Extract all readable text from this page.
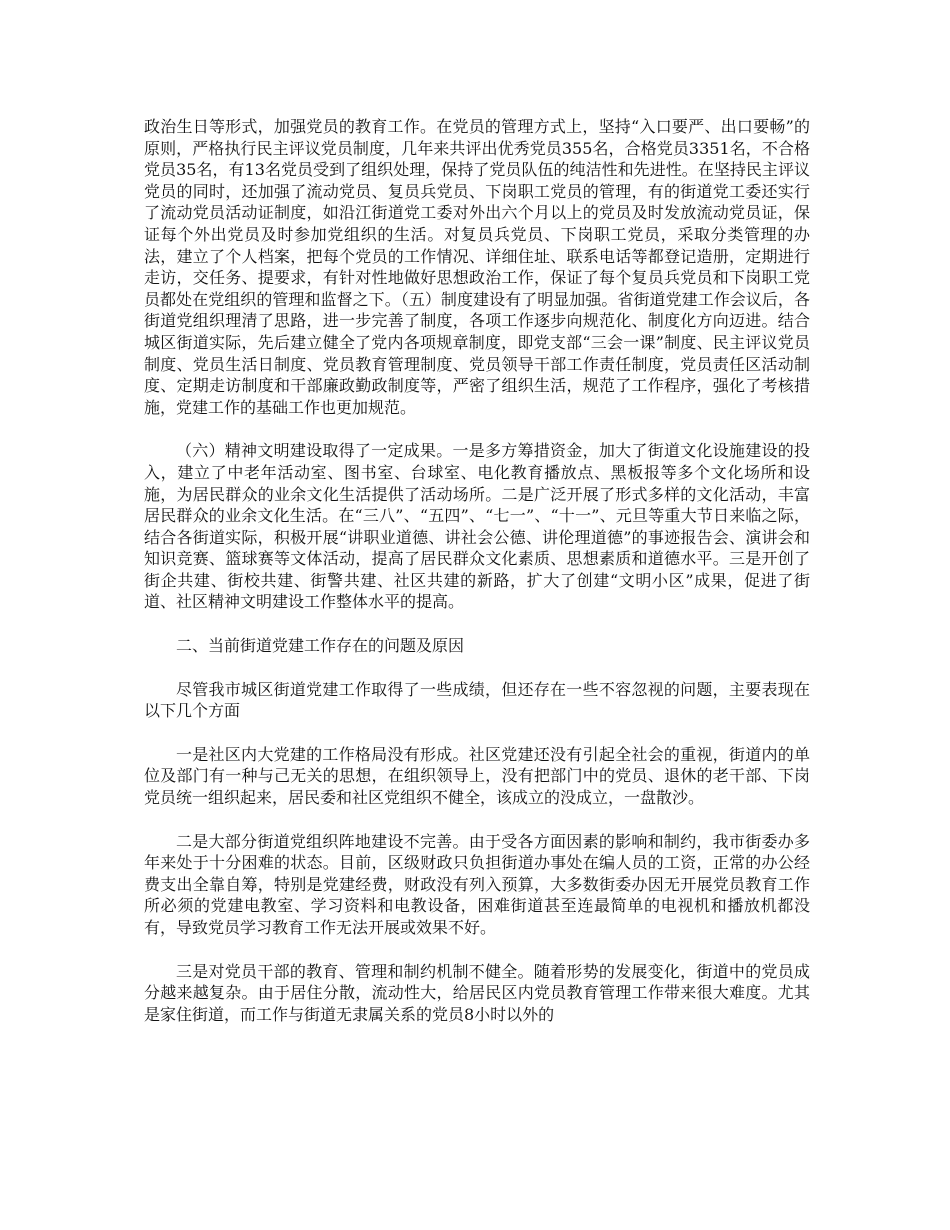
政治生日等形式，加强党员的教育工作。在党员的管理方式上，坚持“入口要严、出口要畅”的原则，严格执行民主评议党员制度，几年来共评出优秀党员355名，合格党员3351名，不合格党员35名，有13名党员受到了组织处理，保持了党员队伍的纯洁性和先进性。在坚持民主评议党员的同时，还加强了流动党员、复员兵党员、下岗职工党员的管理，有的街道党工委还实行了流动党员活动证制度，如沿江街道党工委对外出六个月以上的党员及时发放流动党员证，保证每个外出党员及时参加党组织的生活。对复员兵党员、下岗职工党员，采取分类管理的办法，建立了个人档案，把每个党员的工作情况、详细住址、联系电话等都登记造册，定期进行走访，交任务、提要求，有针对性地做好思想政治工作，保证了每个复员兵党员和下岗职工党员都处在党组织的管理和监督之下。（五）制度建设有了明显加强。省街道党建工作会议后，各街道党组织理清了思路，进一步完善了制度，各项工作逐步向规范化、制度化方向迈进。结合城区街道实际，先后建立健全了党内各项规章制度，即党支部“三会一课”制度、民主评议党员制度、党员生活日制度、党员教育管理制度、党员领导干部工作责任制度，党员责任区活动制度、定期走访制度和干部廉政勤政制度等，严密了组织生活，规范了工作程序，强化了考核措施，党建工作的基础工作也更加规范。

（六）精神文明建设取得了一定成果。一是多方筹措资金，加大了街道文化设施建设的投入，建立了中老年活动室、图书室、台球室、电化教育播放点、黑板报等多个文化场所和设施，为居民群众的业余文化生活提供了活动场所。二是广泛开展了形式多样的文化活动，丰富居民群众的业余文化生活。在“三八”、“五四”、“七一”、“十一”、元旦等重大节日来临之际，结合各街道实际，积极开展“讲职业道德、讲社会公德、讲伦理道德”的事迹报告会、演讲会和知识竞赛、篮球赛等文体活动，提高了居民群众文化素质、思想素质和道德水平。三是开创了街企共建、街校共建、街警共建、社区共建的新路，扩大了创建“文明小区”成果，促进了街道、社区精神文明建设工作整体水平的提高。

二、当前街道党建工作存在的问题及原因

尽管我市城区街道党建工作取得了一些成绩，但还存在一些不容忽视的问题，主要表现在以下几个方面

一是社区内大党建的工作格局没有形成。社区党建还没有引起全社会的重视，街道内的单位及部门有一种与己无关的思想，在组织领导上，没有把部门中的党员、退休的老干部、下岗党员统一组织起来，居民委和社区党组织不健全，该成立的没成立，一盘散沙。

二是大部分街道党组织阵地建设不完善。由于受各方面因素的影响和制约，我市街委办多年来处于十分困难的状态。目前，区级财政只负担街道办事处在编人员的工资，正常的办公经费支出全靠自筹，特别是党建经费，财政没有列入预算，大多数街委办因无开展党员教育工作所必须的党建电教室、学习资料和电教设备，困难街道甚至连最简单的电视机和播放机都没有，导致党员学习教育工作无法开展或效果不好。

三是对党员干部的教育、管理和制约机制不健全。随着形势的发展变化，街道中的党员成分越来越复杂。由于居住分散，流动性大，给居民区内党员教育管理工作带来很大难度。尤其是家住街道，而工作与街道无隶属关系的党员8小时以外的
